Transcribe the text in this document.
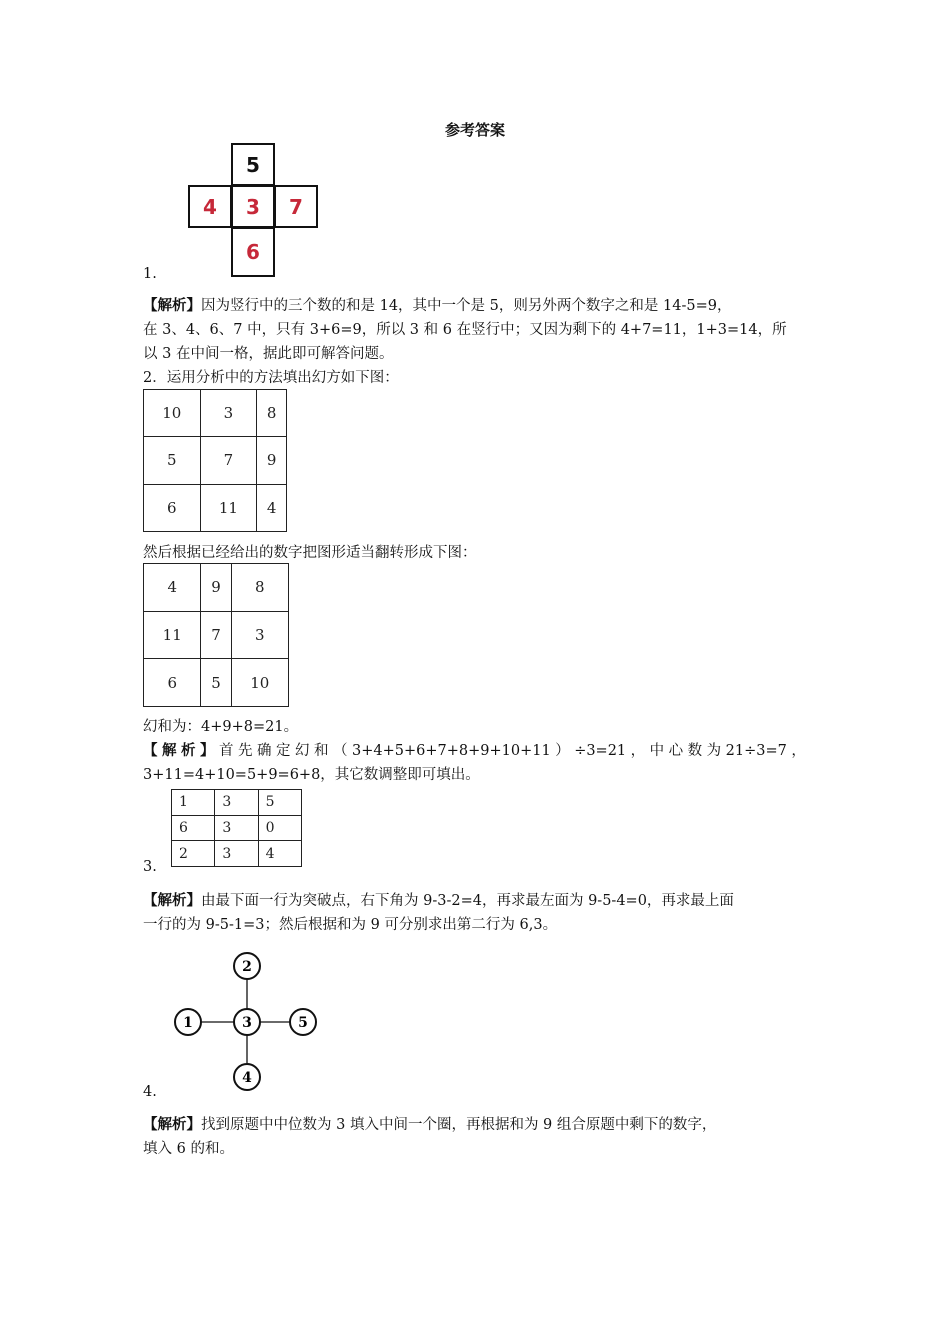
参考答案
5
4	3	7
6
1.
【解析】因为竖行中的三个数的和是 14，其中一个是 5，则另外两个数字之和是 14-5=9，
在 3、4、6、7 中，只有 3+6=9，所以 3 和 6 在竖行中；又因为剩下的 4+7=11，1+3=14，所
以 3 在中间一格，据此即可解答问题。
2．运用分析中的方法填出幻方如下图：
10	3	8
5	7	9
6	11	4
然后根据已经给出的数字把图形适当翻转形成下图：
4	9	8
11	7	3
6	5	10
幻和为：4+9+8=21。
【 解 析 】 首 先 确 定 幻 和 （ 3+4+5+6+7+8+9+10+11 ） ÷3=21 ， 中 心 数 为 21÷3=7 ，
3+11=4+10=5+9=6+8，其它数调整即可填出。
1	3	5
6	3	0
2	3	4
3.
【解析】由最下面一行为突破点，右下角为 9-3-2=4，再求最左面为 9-5-4=0，再求最上面
一行的为 9-5-1=3；然后根据和为 9 可分别求出第二行为 6,3。
2
1	3	5
4
4.
【解析】找到原题中中位数为 3 填入中间一个圈，再根据和为 9 组合原题中剩下的数字，
填入 6 的和。
